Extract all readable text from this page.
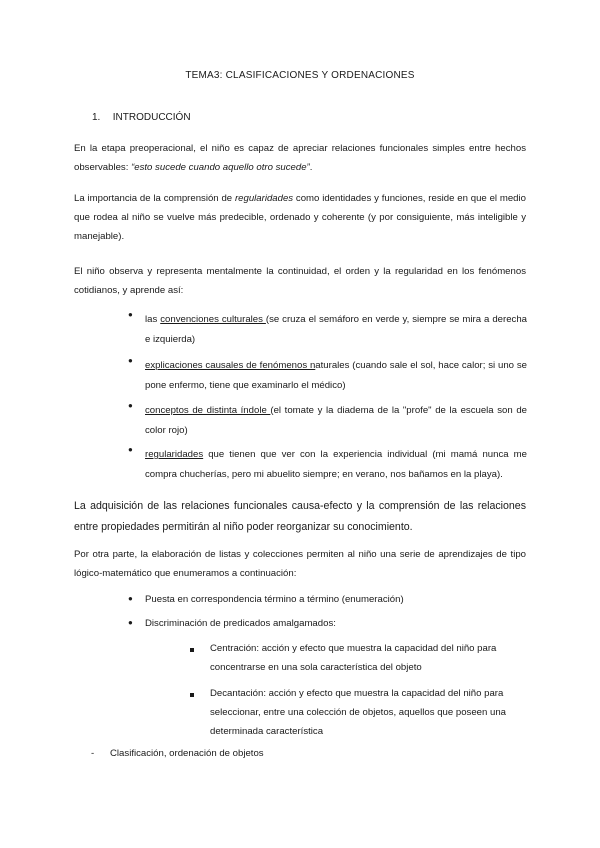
TEMA3: CLASIFICACIONES Y ORDENACIONES
1. INTRODUCCIÓN
En la etapa preoperacional, el niño es capaz de apreciar relaciones funcionales simples entre hechos observables: “esto sucede cuando aquello otro sucede”.
La importancia de la comprensión de regularidades como identidades y funciones, reside en que el medio que rodea al niño se vuelve más predecible, ordenado y coherente (y por consiguiente, más inteligible y manejable).
El niño observa y representa mentalmente la continuidad, el orden y la regularidad en los fenómenos cotidianos, y aprende así:
● las convenciones culturales (se cruza el semáforo en verde y, siempre se mira a derecha e izquierda)
● explicaciones causales de fenómenos naturales (cuando sale el sol, hace calor; si uno se pone enfermo, tiene que examinarlo el médico)
● conceptos de distinta índole (el tomate y la diadema de la "profe" de la escuela son de color rojo)
● regularidades que tienen que ver con la experiencia individual (mi mamá nunca me compra chucherías, pero mi abuelito siempre; en verano, nos bañamos en la playa).
La adquisición de las relaciones funcionales causa-efecto y la comprensión de las relaciones entre propiedades permitirán al niño poder reorganizar su conocimiento.
Por otra parte, la elaboración de listas y colecciones permiten al niño una serie de aprendizajes de tipo lógico-matemático que enumeramos a continuación:
● Puesta en correspondencia término a término (enumeración)
● Discriminación de predicados amalgamados:
Centración: acción y efecto que muestra la capacidad del niño para concentrarse en una sola característica del objeto
Decantación: acción y efecto que muestra la capacidad del niño para seleccionar, entre una colección de objetos, aquellos que poseen una determinada característica
- Clasificación, ordenación de objetos
